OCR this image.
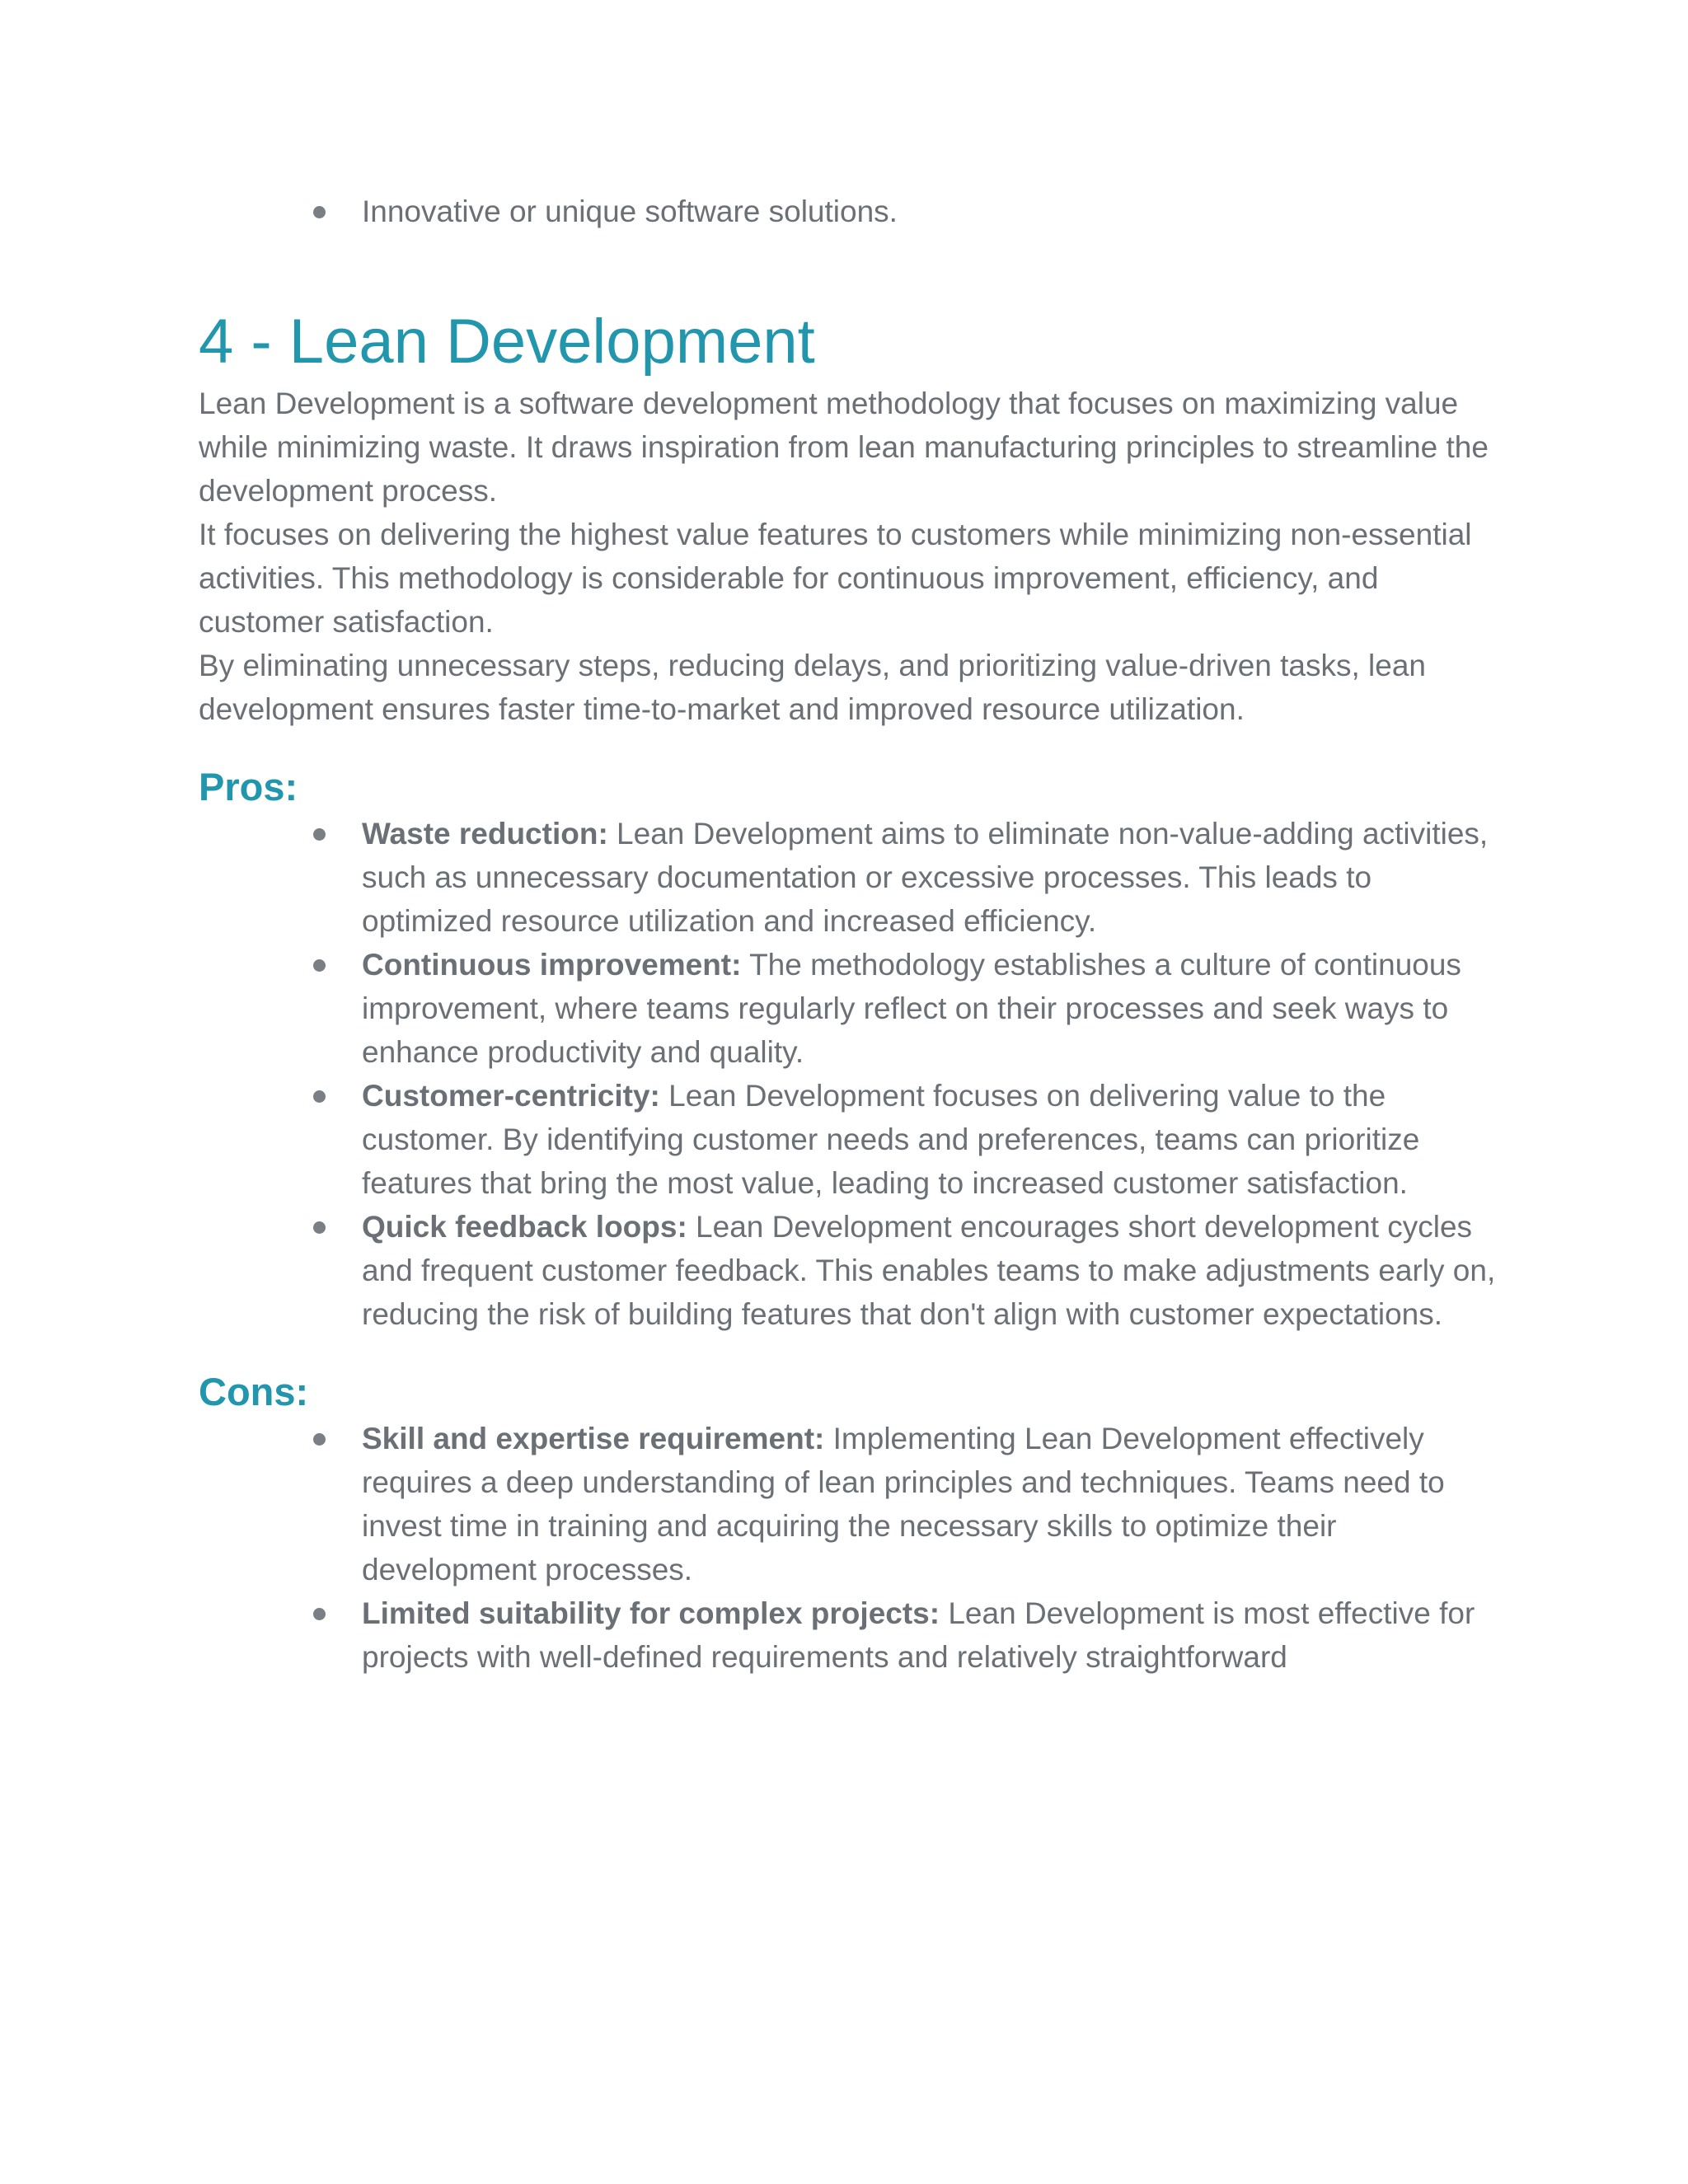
Innovative or unique software solutions.
4 - Lean Development

Lean Development is a software development methodology that focuses on maximizing value while minimizing waste. It draws inspiration from lean manufacturing principles to streamline the development process.

It focuses on delivering the highest value features to customers while minimizing non-essential activities. This methodology is considerable for continuous improvement, efficiency, and customer satisfaction.

By eliminating unnecessary steps, reducing delays, and prioritizing value-driven tasks, lean development ensures faster time-to-market and improved resource utilization.

Pros:
Waste reduction: Lean Development aims to eliminate non-value-adding activities, such as unnecessary documentation or excessive processes. This leads to optimized resource utilization and increased efficiency.
Continuous improvement: The methodology establishes a culture of continuous improvement, where teams regularly reflect on their processes and seek ways to enhance productivity and quality.
Customer-centricity: Lean Development focuses on delivering value to the customer. By identifying customer needs and preferences, teams can prioritize features that bring the most value, leading to increased customer satisfaction.
Quick feedback loops: Lean Development encourages short development cycles and frequent customer feedback. This enables teams to make adjustments early on, reducing the risk of building features that don't align with customer expectations.
Cons:
Skill and expertise requirement: Implementing Lean Development effectively requires a deep understanding of lean principles and techniques. Teams need to invest time in training and acquiring the necessary skills to optimize their development processes.
Limited suitability for complex projects: Lean Development is most effective for projects with well-defined requirements and relatively straightforward
